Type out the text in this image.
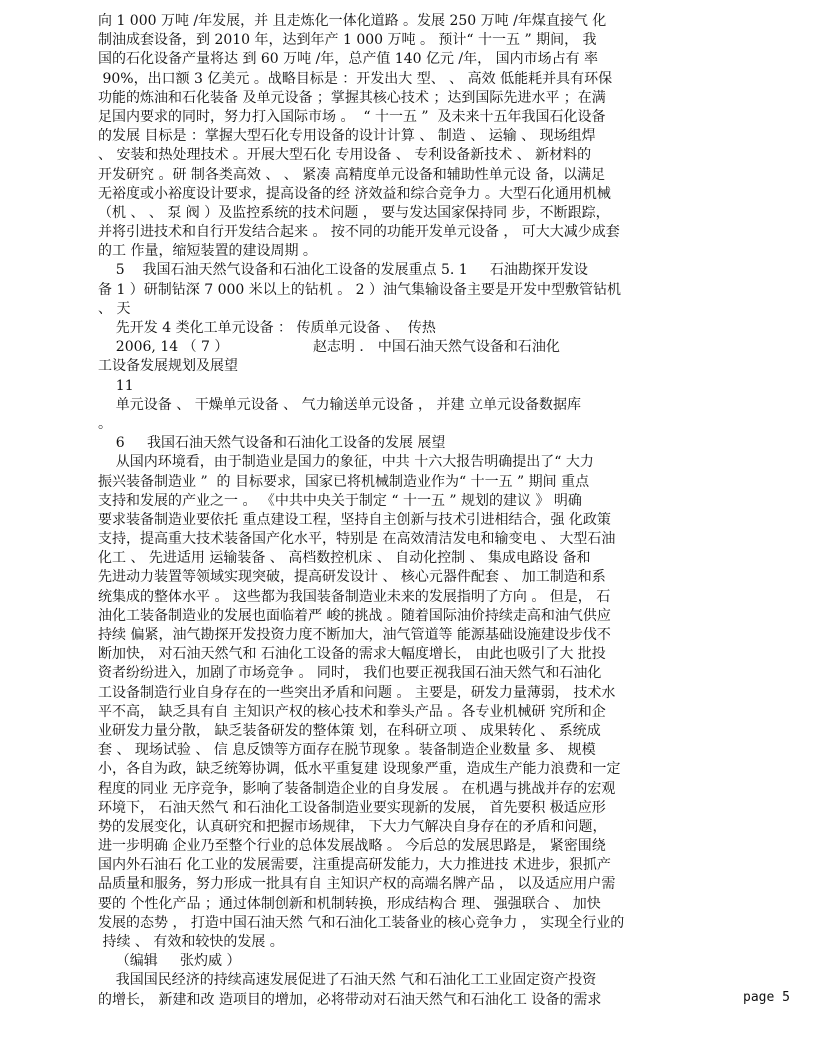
向 1 000 万吨 /年发展，并 且走炼化一体化道路 。发展 250 万吨 /年煤直接气 化
制油成套设备，到 2010 年，达到年产 1 000 万吨 。 预计“ 十一五 ” 期间， 我
国的石化设备产量将达 到 60 万吨 /年，总产值 140 亿元 /年， 国内市场占有 率
90%，出口额 3 亿美元 。战略目标是 ：开发出大 型、 、 高效 低能耗并具有环保
功能的炼油和石化装备 及单元设备 ；掌握其核心技术 ；达到国际先进水平 ；在满
足国内要求的同时，努力打入国际市场 。  “ 十一五 ”  及未来十五年我国石化设备
的发展 目标是 ：掌握大型石化专用设备的设计计算 、 制造 、 运输 、 现场组焊
、 安装和热处理技术 。开展大型石化 专用设备 、 专利设备新技术 、 新材料的
开发研究 。研 制各类高效 、 、 紧凑 高精度单元设备和辅助性单元设 备，以满足
无裕度或小裕度设计要求，提高设备的经 济效益和综合竞争力 。大型石化通用机械
（机 、 、 泵 阀 ）及监控系统的技术问题 ， 要与发达国家保持同 步，不断跟踪，
并将引进技术和自行开发结合起来 。 按不同的功能开发单元设备 ， 可大大减少成套
的工 作量，缩短装置的建设周期 。
5    我国石油天然气设备和石油化工设备的发展重点 5. 1     石油勘探开发设
备 1 ）研制钻深 7 000 米以上的钻机 。 2 ）油气集输设备主要是开发中型敷管钻机
、 天
先开发 4 类化工单元设备 ： 传质单元设备 、  传热
2006, 14 （ 7 ）                   赵志明 ． 中国石油天然气设备和石油化
工设备发展规划及展望
11
单元设备 、 干燥单元设备 、 气力输送单元设备 ， 并建 立单元设备数据库
。
6     我国石油天然气设备和石油化工设备的发展 展望
从国内环境看，由于制造业是国力的象征，中共 十六大报告明确提出了“ 大力
振兴装备制造业 ”  的 目标要求，国家已将机械制造业作为“ 十一五 ” 期间 重点
支持和发展的产业之一 。 《中共中央关于制定 “ 十一五 ” 规划的建议 》 明确
要求装备制造业要依托 重点建设工程，坚持自主创新与技术引进相结合，强 化政策
支持，提高重大技术装备国产化水平，特别是 在高效清洁发电和输变电 、 大型石油
化工 、 先进适用 运输装备 、 高档数控机床 、 自动化控制 、 集成电路设 备和
先进动力装置等领域实现突破，提高研发设计 、 核心元器件配套 、 加工制造和系
统集成的整体水平 。 这些都为我国装备制造业未来的发展指明了方向 。 但是， 石
油化工装备制造业的发展也面临着严 峻的挑战 。随着国际油价持续走高和油气供应
持续 偏紧，油气勘探开发投资力度不断加大，油气管道等 能源基础设施建设步伐不
断加快， 对石油天然气和 石油化工设备的需求大幅度增长， 由此也吸引了大 批投
资者纷纷进入，加剧了市场竞争 。 同时， 我们也要正视我国石油天然气和石油化
工设备制造行业自身存在的一些突出矛盾和问题 。 主要是，研发力量薄弱， 技术水
平不高， 缺乏具有自 主知识产权的核心技术和拳头产品 。各专业机械研 究所和企
业研发力量分散， 缺乏装备研发的整体策 划，在科研立项 、 成果转化 、 系统成
套 、 现场试验 、 信 息反馈等方面存在脱节现象 。装备制造企业数量 多、 规模
小，各自为政，缺乏统筹协调，低水平重复建 设现象严重，造成生产能力浪费和一定
程度的同业 无序竞争，影响了装备制造企业的自身发展 。 在机遇与挑战并存的宏观
环境下， 石油天然气 和石油化工设备制造业要实现新的发展， 首先要积 极适应形
势的发展变化，认真研究和把握市场规律， 下大力气解决自身存在的矛盾和问题，
进一步明确 企业乃至整个行业的总体发展战略 。 今后总的发展思路是， 紧密围绕
国内外石油石 化工业的发展需要，注重提高研发能力，大力推进技 术进步，狠抓产
品质量和服务，努力形成一批具有自 主知识产权的高端名牌产品 ， 以及适应用户需
要的 个性化产品 ；通过体制创新和机制转换，形成结构合 理、 强强联合 、 加快
发展的态势 ， 打造中国石油天然 气和石油化工装备业的核心竞争力 ， 实现全行业的
持续 、 有效和较快的发展 。
（编辑     张灼威 ）
我国国民经济的持续高速发展促进了石油天然 气和石油化工工业固定资产投资
的增长， 新建和改 造项目的增加，必将带动对石油天然气和石油化工 设备的需求	page 5
